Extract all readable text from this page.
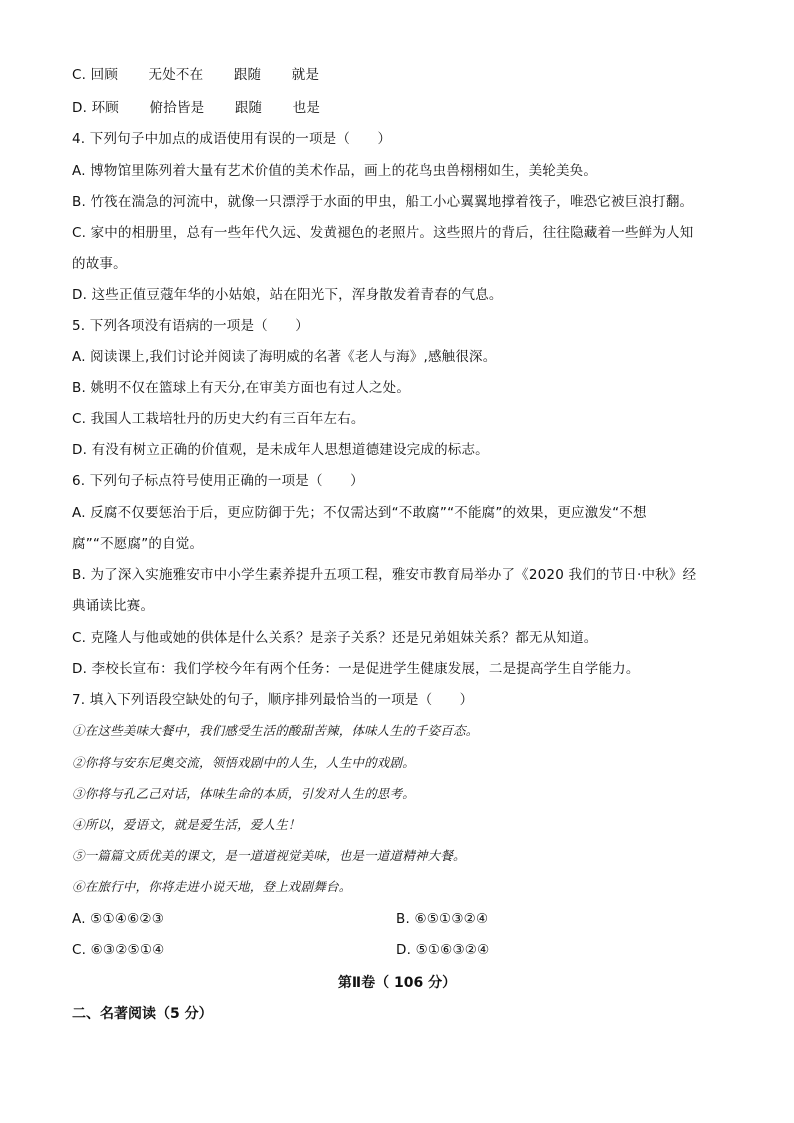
C. 回顾 无处不在 跟随 就是
D. 环顾 俯拾皆是 跟随 也是
4. 下列句子中加点的成语使用有误的一项是（　　）
A. 博物馆里陈列着大量有艺术价值的美术作品，画上的花鸟虫兽栩栩如生，美轮美奂。
B. 竹筏在湍急的河流中，就像一只漂浮于水面的甲虫，船工小心翼翼地撑着筏子，唯恐它被巨浪打翻。
C. 家中的相册里，总有一些年代久远、发黄褪色的老照片。这些照片的背后，往往隐藏着一些鲜为人知
的故事。
D. 这些正值豆蔻年华的小姑娘，站在阳光下，浑身散发着青春的气息。
5. 下列各项没有语病的一项是（　　）
A. 阅读课上,我们讨论并阅读了海明威的名著《老人与海》,感触很深。
B. 姚明不仅在篮球上有天分,在审美方面也有过人之处。
C. 我国人工栽培牡丹的历史大约有三百年左右。
D. 有没有树立正确的价值观，是未成年人思想道德建设完成的标志。
6. 下列句子标点符号使用正确的一项是（　　）
A. 反腐不仅要惩治于后，更应防御于先；不仅需达到“不敢腐”“不能腐”的效果，更应激发“不想
腐”“不愿腐”的自觉。
B. 为了深入实施雅安市中小学生素养提升五项工程，雅安市教育局举办了《2020 我们的节日·中秋》经
典诵读比赛。
C. 克隆人与他或她的供体是什么关系？是亲子关系？还是兄弟姐妹关系？都无从知道。
D. 李校长宣布：我们学校今年有两个任务：一是促进学生健康发展，二是提高学生自学能力。
7. 填入下列语段空缺处的句子，顺序排列最恰当的一项是（　　）
①在这些美味大餐中，我们感受生活的酸甜苦辣，体味人生的千姿百态。
②你将与安东尼奥交流，领悟戏剧中的人生，人生中的戏剧。
③你将与孔乙己对话，体味生命的本质，引发对人生的思考。
④所以，爱语文，就是爱生活，爱人生！
⑤一篇篇文质优美的课文，是一道道视觉美味，也是一道道精神大餐。
⑥在旅行中，你将走进小说天地，登上戏剧舞台。
A. ⑤①④⑥②③	B. ⑥⑤①③②④
C. ⑥③②⑤①④	D. ⑤①⑥③②④
第Ⅱ卷（ 106 分）
二、名著阅读（5 分）
